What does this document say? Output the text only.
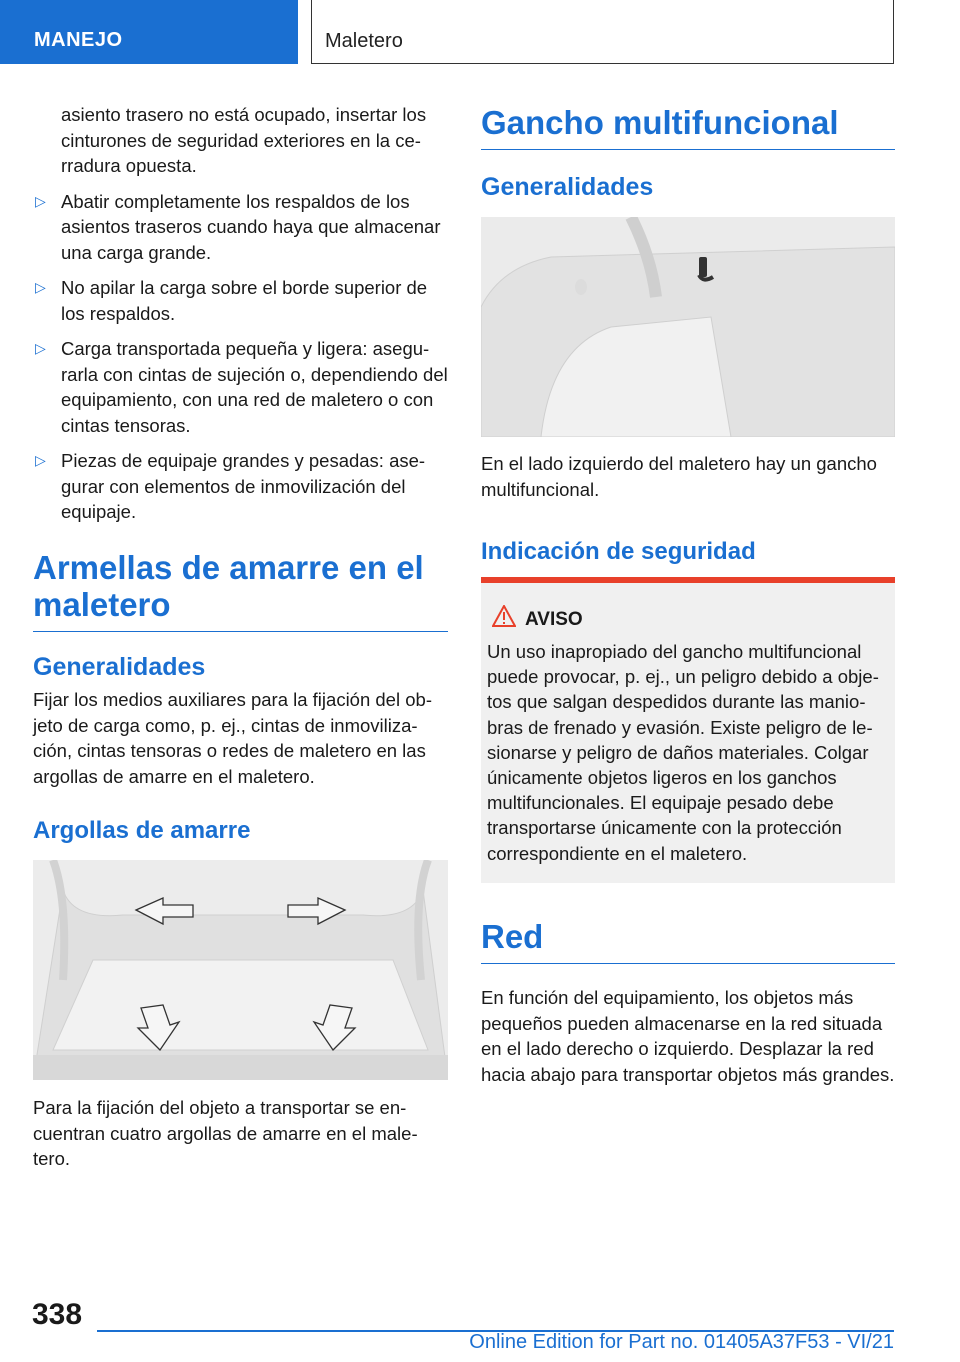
MANEJO	Maletero

asiento trasero no está ocupado, insertar los cinturones de seguridad exteriores en la cerradura opuesta.

▷ Abatir completamente los respaldos de los asientos traseros cuando haya que almacenar una carga grande.
▷ No apilar la carga sobre el borde superior de los respaldos.
▷ Carga transportada pequeña y ligera: asegurarla con cintas de sujeción o, dependiendo del equipamiento, con una red de maletero o con cintas tensoras.
▷ Piezas de equipaje grandes y pesadas: asegurar con elementos de inmovilización del equipaje.
Armellas de amarre en el maletero
Generalidades

Fijar los medios auxiliares para la fijación del objeto de carga como, p. ej., cintas de inmovilización, cintas tensoras o redes de maletero en las argollas de amarre en el maletero.

Argollas de amarre

Para la fijación del objeto a transportar se encuentran cuatro argollas de amarre en el maletero.

Gancho multifuncional
Generalidades

En el lado izquierdo del maletero hay un gancho multifuncional.

Indicación de seguridad
AVISO
Un uso inapropiado del gancho multifuncional puede provocar, p. ej., un peligro debido a objetos que salgan despedidos durante las maniobras de frenado y evasión. Existe peligro de lesionarse y peligro de daños materiales. Colgar únicamente objetos ligeros en los ganchos multifuncionales. El equipaje pesado debe transportarse únicamente con la protección correspondiente en el maletero.
Red

En función del equipamiento, los objetos más pequeños pueden almacenarse en la red situada en el lado derecho o izquierdo. Desplazar la red hacia abajo para transportar objetos más grandes.

338
Online Edition for Part no. 01405A37F53 - VI/21
